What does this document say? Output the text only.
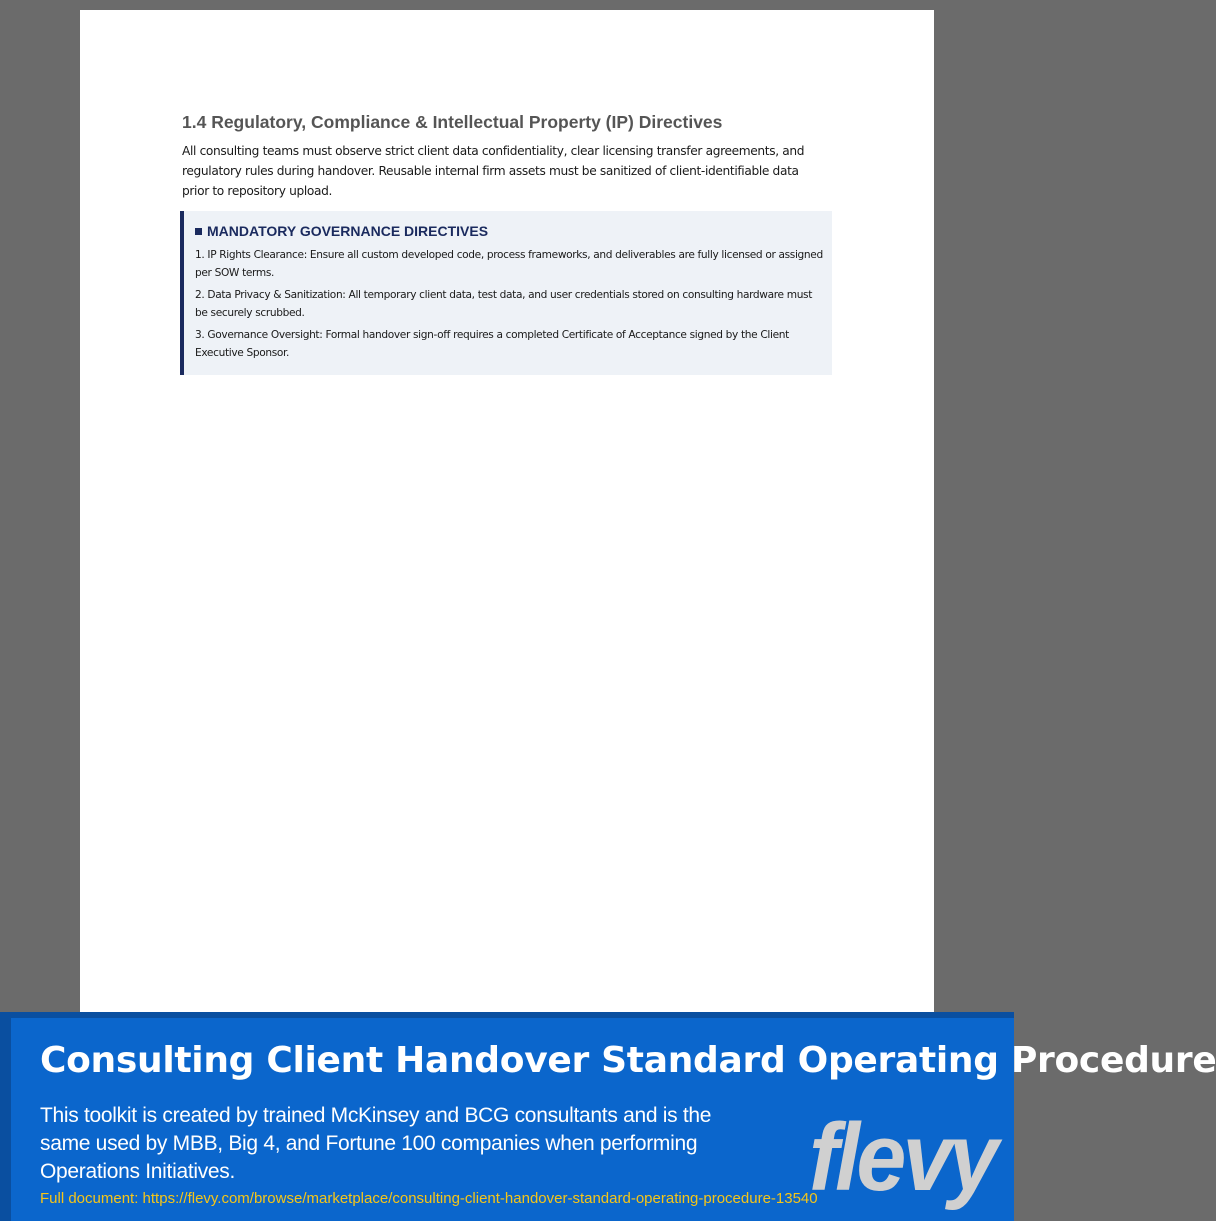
1.4 Regulatory, Compliance & Intellectual Property (IP) Directives

All consulting teams must observe strict client data confidentiality, clear licensing transfer agreements, and regulatory rules during handover. Reusable internal firm assets must be sanitized of client-identifiable data prior to repository upload.

MANDATORY GOVERNANCE DIRECTIVES

1. IP Rights Clearance: Ensure all custom developed code, process frameworks, and deliverables are fully licensed or assigned per SOW terms.

2. Data Privacy & Sanitization: All temporary client data, test data, and user credentials stored on consulting hardware must be securely scrubbed.

3. Governance Oversight: Formal handover sign-off requires a completed Certificate of Acceptance signed by the Client Executive Sponsor.

Consulting Client Handover Standard Operating Procedure

This toolkit is created by trained McKinsey and BCG consultants and is the same used by MBB, Big 4, and Fortune 100 companies when performing Operations Initiatives.

Full document: https://flevy.com/browse/marketplace/consulting-client-handover-standard-operating-procedure-13540
flevy
